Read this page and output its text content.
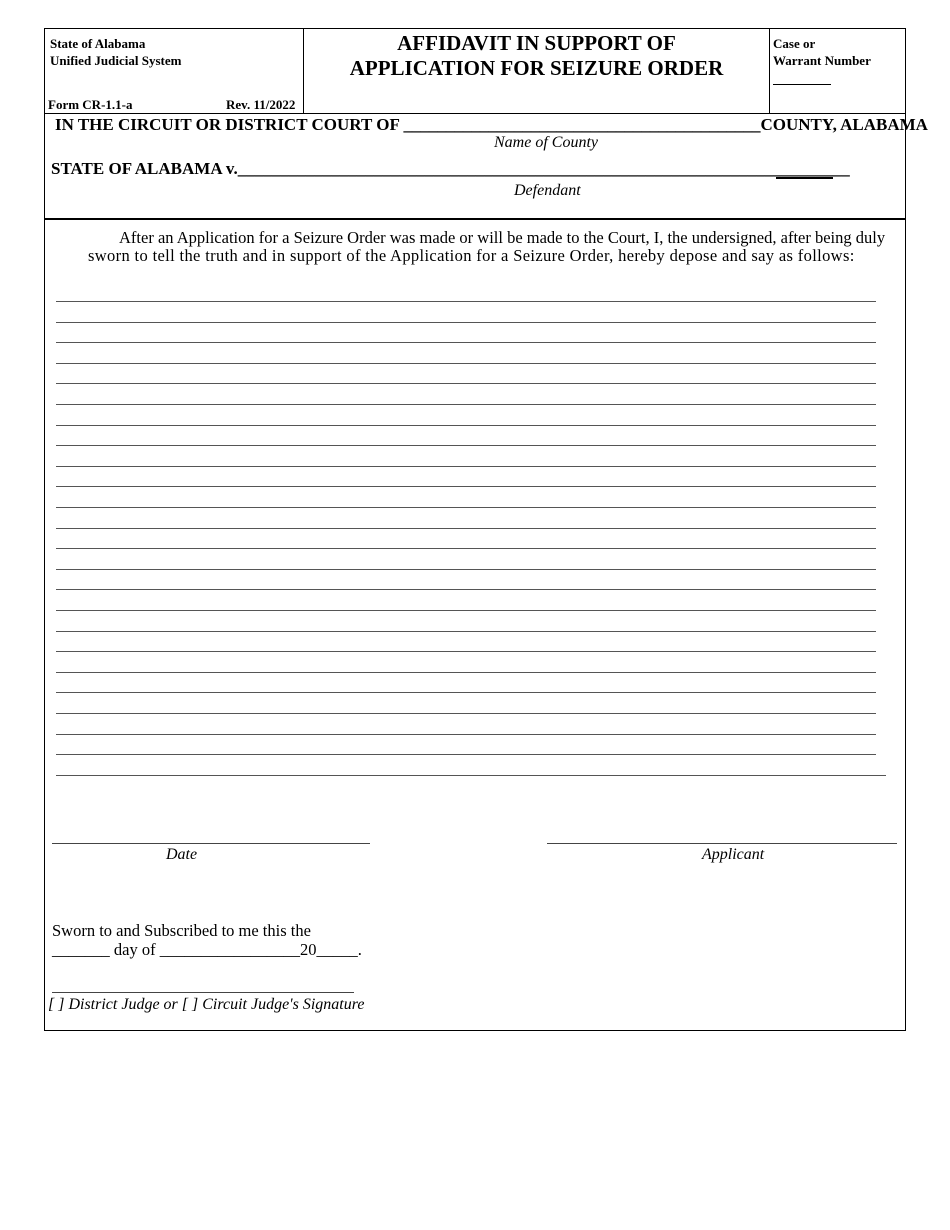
State of Alabama
Unified Judicial System
Form CR-1.1-a	Rev. 11/2022
AFFIDAVIT IN SUPPORT OF
APPLICATION FOR SEIZURE ORDER
Case or
Warrant Number
IN THE CIRCUIT OR DISTRICT COURT OF __________________________________________COUNTY, ALABAMA
Name of County
STATE OF ALABAMA v.________________________________________________________________________
Defendant
After an Application for a Seizure Order was made or will be made to the Court, I, the undersigned, after being duly
sworn to tell the truth and in support of the Application for a Seizure Order, hereby depose and say as follows:
Date	Applicant
Sworn to and Subscribed to me this the
_______ day of _________________20_____.
[ ] District Judge or [ ] Circuit Judge's Signature
